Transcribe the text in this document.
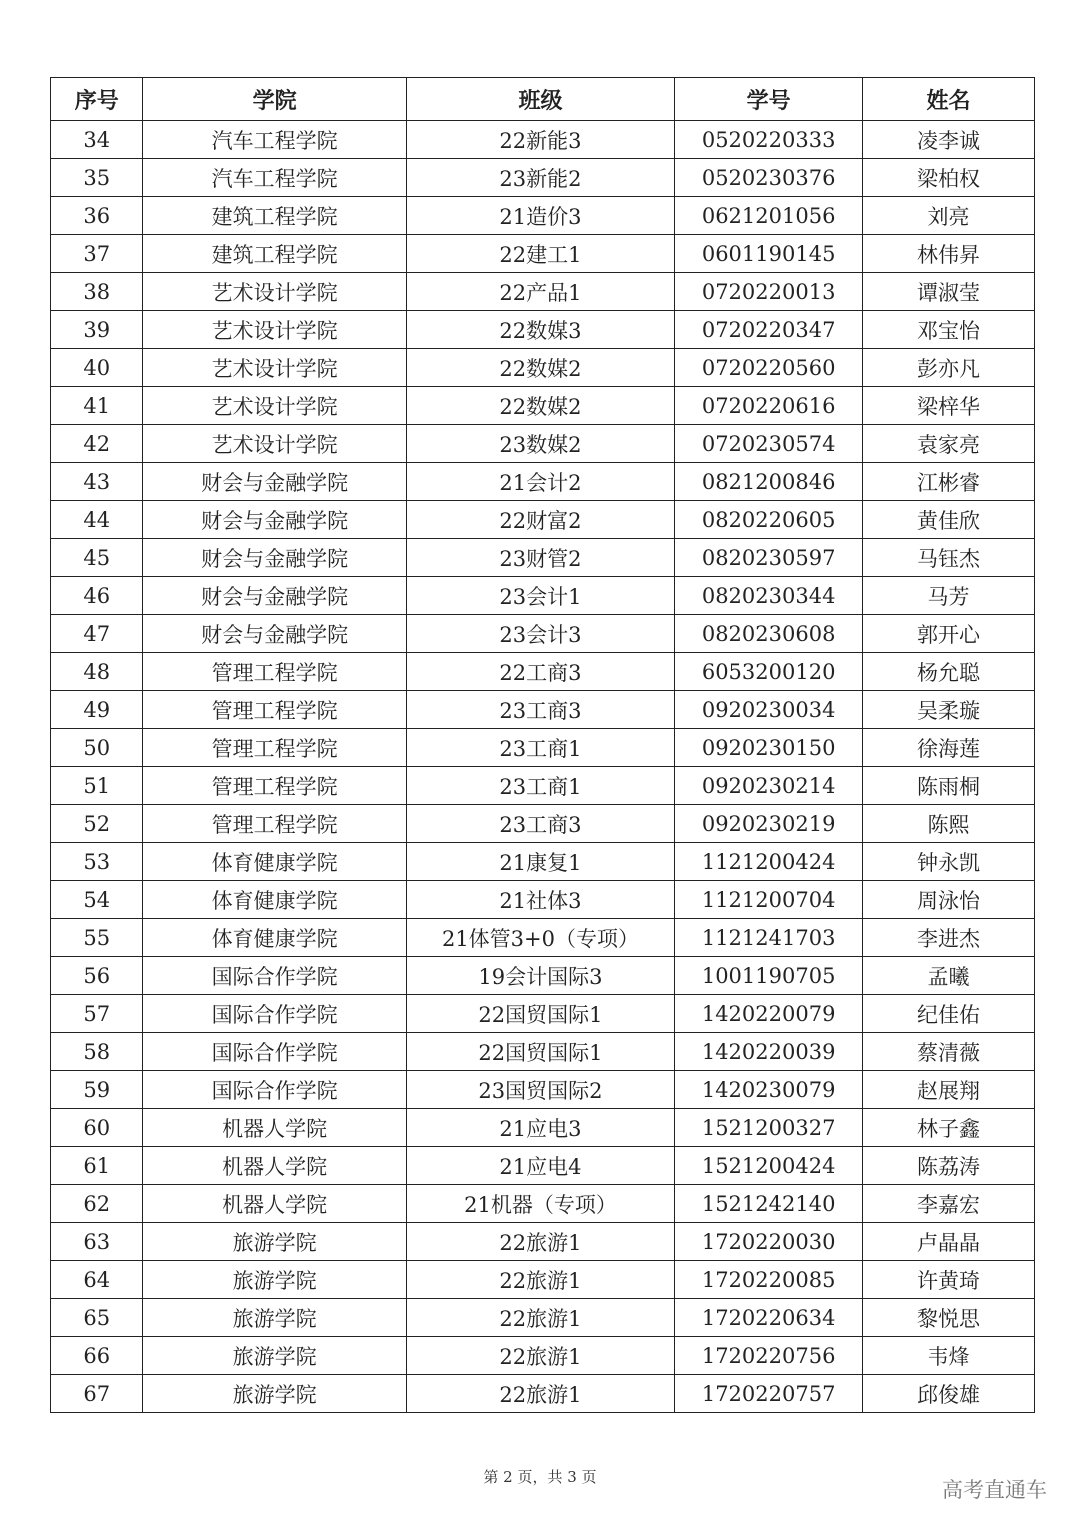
序号	学院	班级	学号	姓名
34	汽车工程学院	22新能3	0520220333	凌李诚
35	汽车工程学院	23新能2	0520230376	梁柏权
36	建筑工程学院	21造价3	0621201056	刘亮
37	建筑工程学院	22建工1	0601190145	林伟昇
38	艺术设计学院	22产品1	0720220013	谭淑莹
39	艺术设计学院	22数媒3	0720220347	邓宝怡
40	艺术设计学院	22数媒2	0720220560	彭亦凡
41	艺术设计学院	22数媒2	0720220616	梁梓华
42	艺术设计学院	23数媒2	0720230574	袁家亮
43	财会与金融学院	21会计2	0821200846	江彬睿
44	财会与金融学院	22财富2	0820220605	黄佳欣
45	财会与金融学院	23财管2	0820230597	马钰杰
46	财会与金融学院	23会计1	0820230344	马芳
47	财会与金融学院	23会计3	0820230608	郭开心
48	管理工程学院	22工商3	6053200120	杨允聪
49	管理工程学院	23工商3	0920230034	吴柔璇
50	管理工程学院	23工商1	0920230150	徐海莲
51	管理工程学院	23工商1	0920230214	陈雨桐
52	管理工程学院	23工商3	0920230219	陈熙
53	体育健康学院	21康复1	1121200424	钟永凯
54	体育健康学院	21社体3	1121200704	周泳怡
55	体育健康学院	21体管3+0（专项）	1121241703	李进杰
56	国际合作学院	19会计国际3	1001190705	孟曦
57	国际合作学院	22国贸国际1	1420220079	纪佳佑
58	国际合作学院	22国贸国际1	1420220039	蔡清薇
59	国际合作学院	23国贸国际2	1420230079	赵展翔
60	机器人学院	21应电3	1521200327	林子鑫
61	机器人学院	21应电4	1521200424	陈荔涛
62	机器人学院	21机器（专项）	1521242140	李嘉宏
63	旅游学院	22旅游1	1720220030	卢晶晶
64	旅游学院	22旅游1	1720220085	许黄琦
65	旅游学院	22旅游1	1720220634	黎悦思
66	旅游学院	22旅游1	1720220756	韦烽
67	旅游学院	22旅游1	1720220757	邱俊雄
第 2 页，共 3 页
高考直通车
